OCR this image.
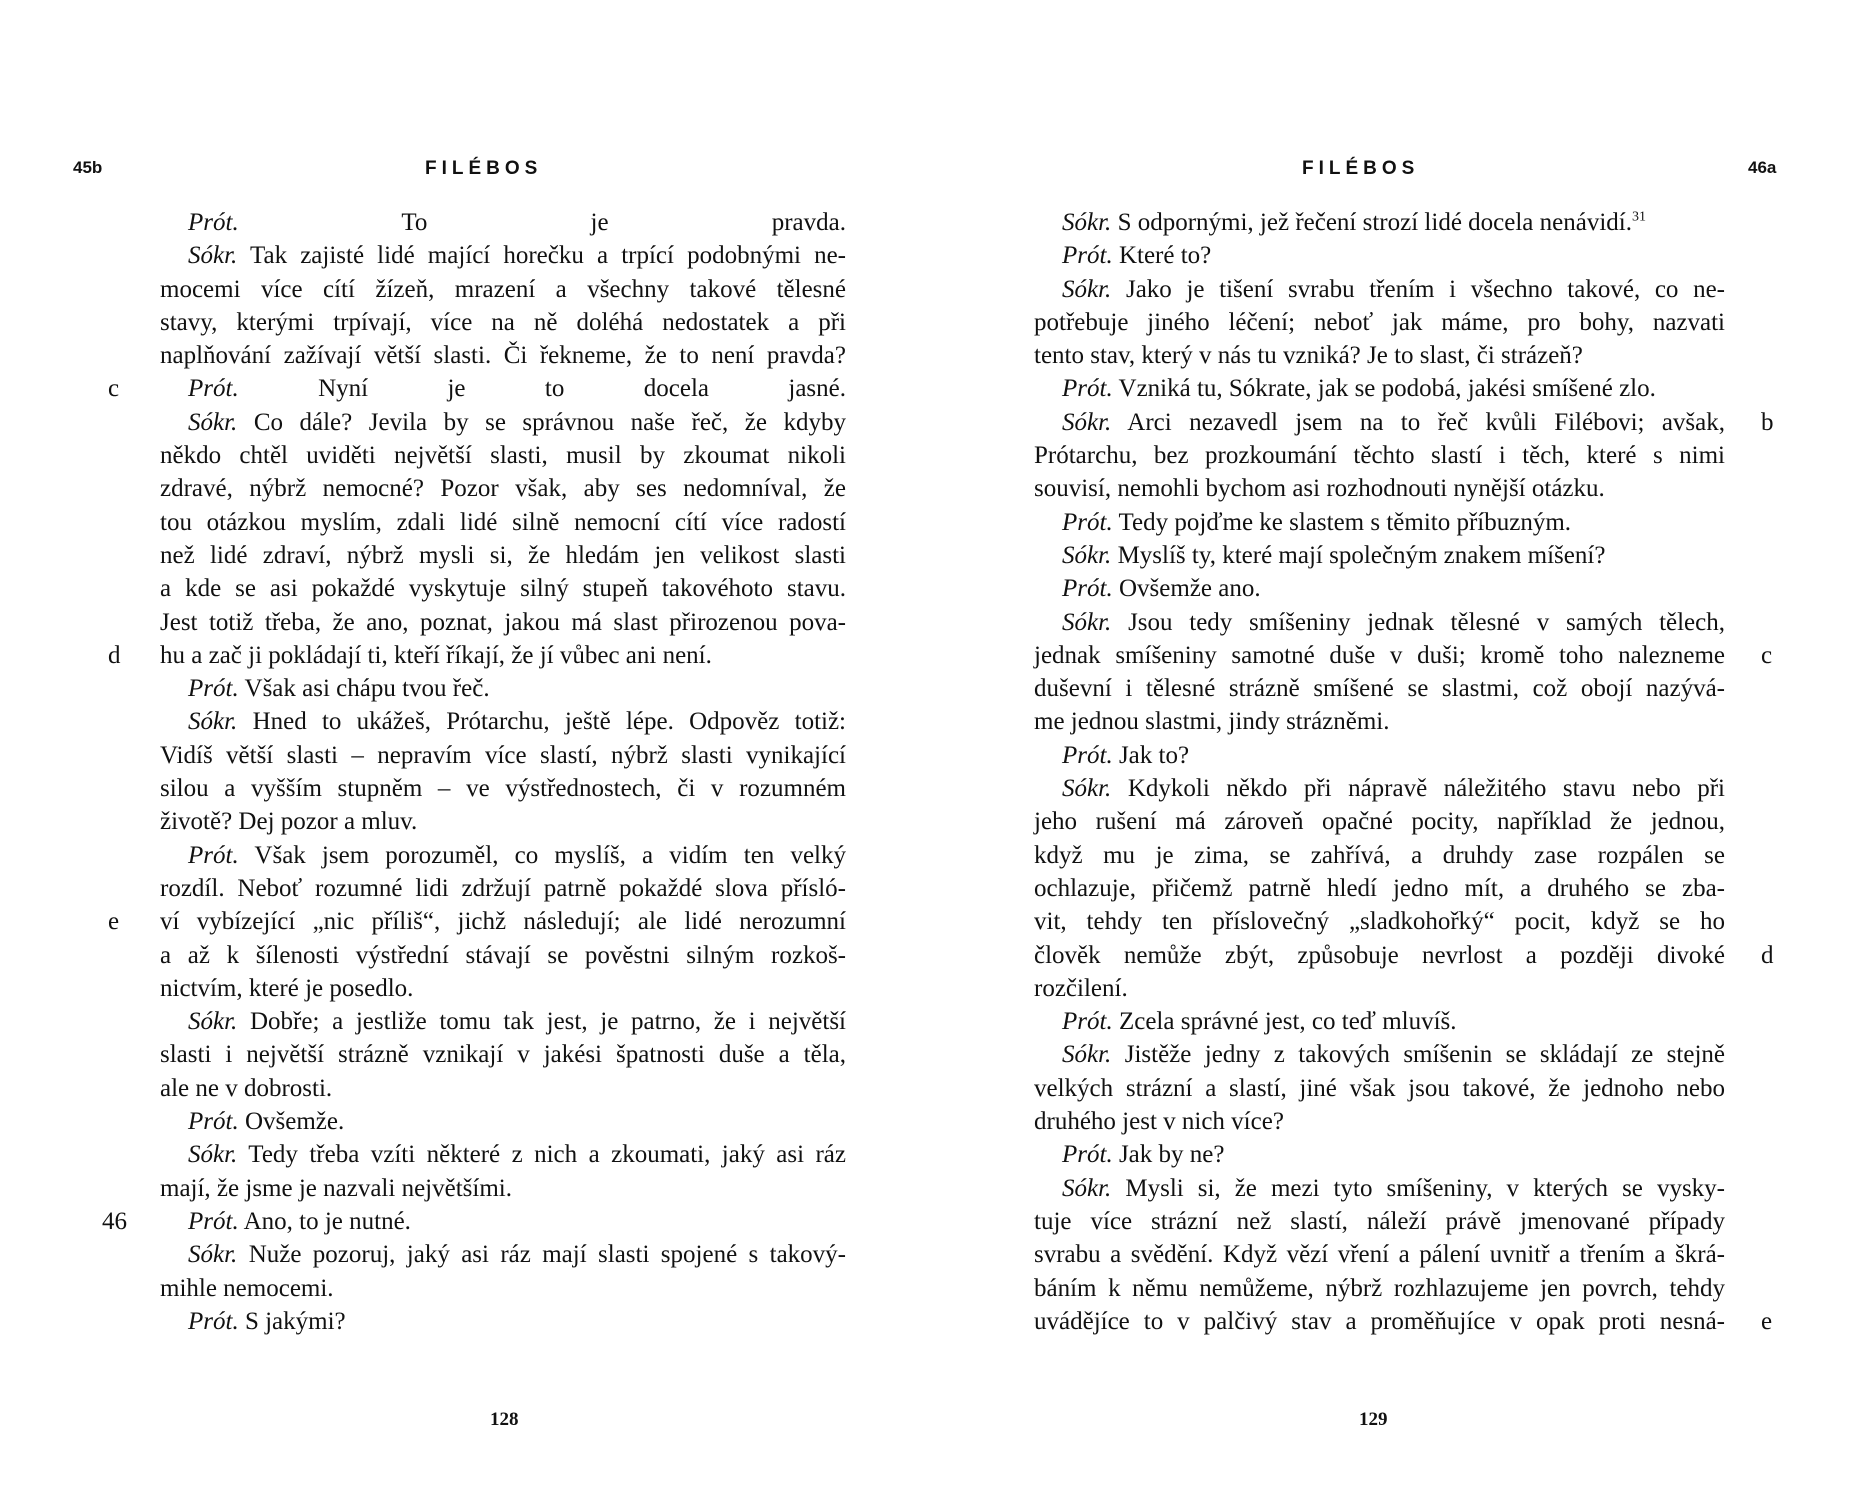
45b	FILÉBOS
Prót.	To je pravda.
Sókr. Tak zajisté lidé mající horečku a trpící podobnými ne-
mocemi více cítí žízeň, mrazení a všechny takové tělesné
stavy, kterými trpívají, více na ně doléhá nedostatek a při
naplňování zažívají větší slasti. Či řekneme, že to není pravda?
c	Prót.	Nyní je to docela jasné.
Sókr. Co dále? Jevila by se správnou naše řeč, že kdyby
někdo chtěl uviděti největší slasti, musil by zkoumat nikoli
zdravé, nýbrž nemocné? Pozor však, aby ses nedomníval, že
tou otázkou myslím, zdali lidé silně nemocní cítí více radostí
než lidé zdraví, nýbrž mysli si, že hledám jen velikost slasti
a kde se asi pokaždé vyskytuje silný stupeň takovéhoto stavu.
Jest totiž třeba, že ano, poznat, jakou má slast přirozenou pova-
d hu a zač ji pokládají ti, kteří říkají, že jí vůbec ani není.
Prót. Však asi chápu tvou řeč.
Sókr. Hned to ukážeš, Prótarchu, ještě lépe. Odpověz totiž:
Vidíš větší slasti – nepravím více slastí, nýbrž slasti vynikající
silou a vyšším stupněm – ve výstřednostech, či v rozumném
životě? Dej pozor a mluv.
Prót. Však jsem porozuměl, co myslíš, a vidím ten velký
rozdíl. Neboť rozumné lidi zdržují patrně pokaždé slova přísló-
e ví vybízející „nic příliš“, jichž následují; ale lidé nerozumní
a až k šílenosti výstřední stávají se pověstni silným rozkoš-
nictvím, které je posedlo.
Sókr. Dobře; a jestliže tomu tak jest, je patrno, že i největší
slasti i největší strázně vznikají v jakési špatnosti duše a těla,
ale ne v dobrosti.
Prót. Ovšemže.
Sókr. Tedy třeba vzíti některé z nich a zkoumati, jaký asi ráz
mají, že jsme je nazvali největšími.
46 Prót. Ano, to je nutné.
Sókr. Nuže pozoruj, jaký asi ráz mají slasti spojené s takový-
mihle nemocemi.
Prót. S jakými?
128
FILÉBOS	46a
Sókr. S odpornými, jež řečení strozí lidé docela nenávidí.$^{31}$
Prót. Které to?
Sókr. Jako je tišení svrabu třením i všechno takové, co ne-
potřebuje jiného léčení; neboť jak máme, pro bohy, nazvati
tento stav, který v nás tu vzniká? Je to slast, či strázeň?
Prót. Vzniká tu, Sókrate, jak se podobá, jakési smíšené zlo.
b
Sókr. Arci nezavedl jsem na to řeč kvůli Filébovi; avšak,
Prótarchu, bez prozkoumání těchto slastí i těch, které s nimi
souvisí, nemohli bychom asi rozhodnouti nynější otázku.
Prót. Tedy pojďme ke slastem s těmito příbuzným.
Sókr. Myslíš ty, které mají společným znakem míšení?
Prót. Ovšemže ano.
Sókr. Jsou tedy smíšeniny jednak tělesné v samých tělech,
c
jednak smíšeniny samotné duše v duši; kromě toho nalezneme
duševní i tělesné strázně smíšené se slastmi, což obojí nazývá-
me jednou slastmi, jindy strázněmi.
Prót. Jak to?
Sókr. Kdykoli někdo při nápravě náležitého stavu nebo při
jeho rušení má zároveň opačné pocity, například že jednou,
když mu je zima, se zahřívá, a druhdy zase rozpálen se
ochlazuje, přičemž patrně hledí jedno mít, a druhého se zba-
vit, tehdy ten příslovečný „sladkohořký“ pocit, když se ho
d
člověk nemůže zbýt, způsobuje nevrlost a později divoké
rozčilení.
Prót. Zcela správné jest, co teď mluvíš.
Sókr. Jistěže jedny z takových smíšenin se skládají ze stejně
velkých strázní a slastí, jiné však jsou takové, že jednoho nebo
druhého jest v nich více?
Prót. Jak by ne?
Sókr. Mysli si, že mezi tyto smíšeniny, v kterých se vysky-
tuje více strázní než slastí, náleží právě jmenované případy
svrabu a svědění. Když vězí vření a pálení uvnitř a třením a škrá-
báním k němu nemůžeme, nýbrž rozhlazujeme jen povrch, tehdy
e
uvádějíce to v palčivý stav a proměňujíce v opak proti nesná-
129
